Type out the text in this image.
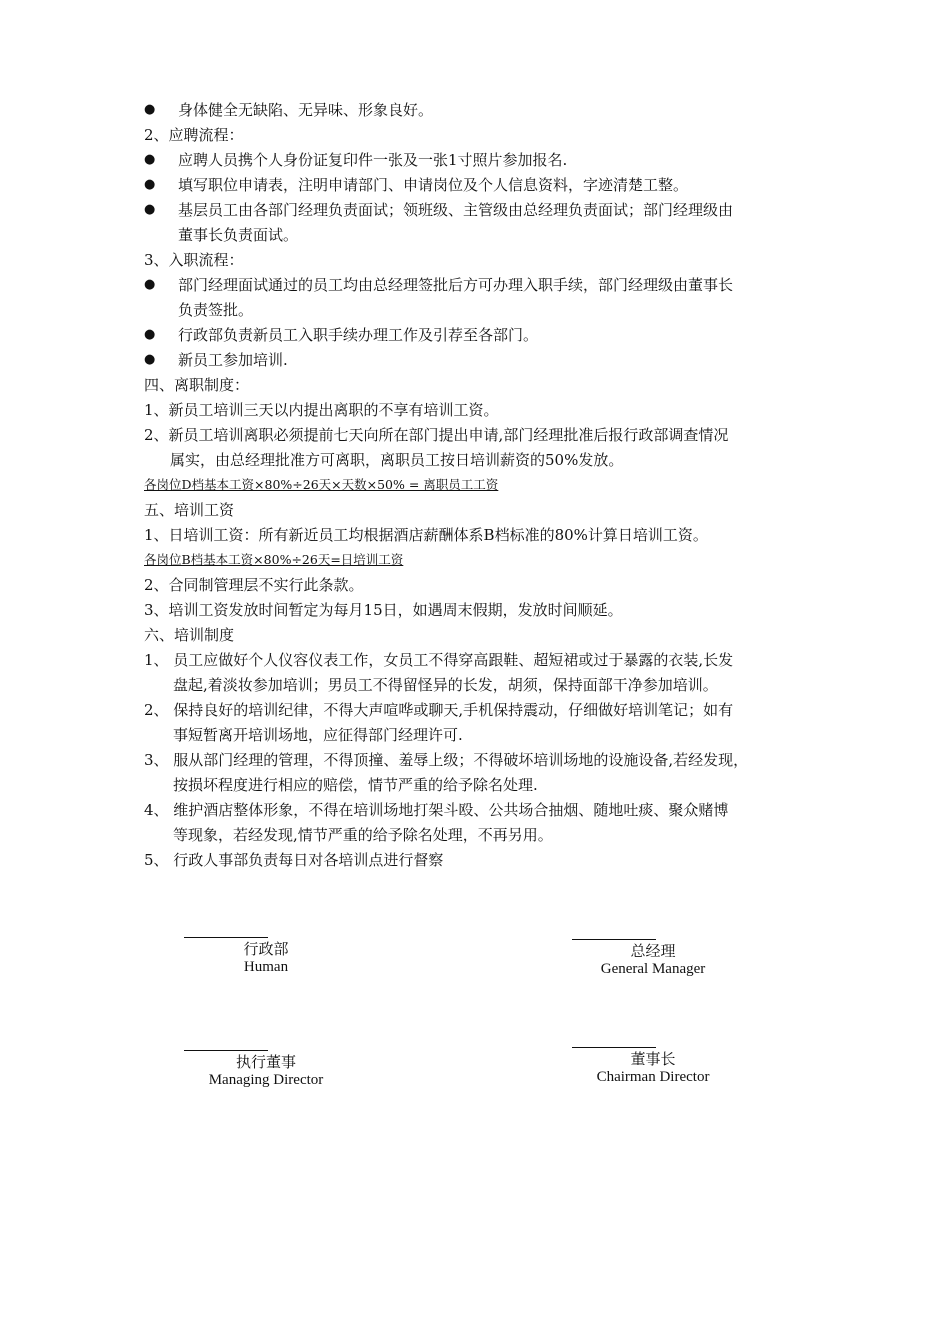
● 身体健全无缺陷、无异味、形象良好。
2、应聘流程：
● 应聘人员携个人身份证复印件一张及一张1寸照片参加报名.
● 填写职位申请表，注明申请部门、申请岗位及个人信息资料，字迹清楚工整。
● 基层员工由各部门经理负责面试；领班级、主管级由总经理负责面试；部门经理级由
董事长负责面试。
3、入职流程：
● 部门经理面试通过的员工均由总经理签批后方可办理入职手续，部门经理级由董事长
负责签批。
● 行政部负责新员工入职手续办理工作及引荐至各部门。
● 新员工参加培训.
四、离职制度：
1、新员工培训三天以内提出离职的不享有培训工资。
2、新员工培训离职必须提前七天向所在部门提出申请,部门经理批准后报行政部调查情况
属实，由总经理批准方可离职，离职员工按日培训薪资的50%发放。
各岗位D档基本工资×80%÷26天×天数×50% = 离职员工工资
五、培训工资
1、日培训工资：所有新近员工均根据酒店薪酬体系B档标准的80%计算日培训工资。
各岗位B档基本工资×80%÷26天=日培训工资
2、合同制管理层不实行此条款。
3、培训工资发放时间暂定为每月15日，如遇周末假期，发放时间顺延。
六、培训制度
1、 员工应做好个人仪容仪表工作，女员工不得穿高跟鞋、超短裙或过于暴露的衣装,长发
盘起,着淡妆参加培训；男员工不得留怪异的长发，胡须，保持面部干净参加培训。
2、 保持良好的培训纪律，不得大声喧哗或聊天,手机保持震动，仔细做好培训笔记；如有
事短暂离开培训场地，应征得部门经理许可.
3、 服从部门经理的管理，不得顶撞、羞辱上级；不得破坏培训场地的设施设备,若经发现，
按损坏程度进行相应的赔偿，情节严重的给予除名处理.
4、 维护酒店整体形象，不得在培训场地打架斗殴、公共场合抽烟、随地吐痰、聚众赌博
等现象，若经发现,情节严重的给予除名处理，不再另用。
5、 行政人事部负责每日对各培训点进行督察
行政部
Human
总经理
General Manager
执行董事
Managing Director
董事长
Chairman Director
